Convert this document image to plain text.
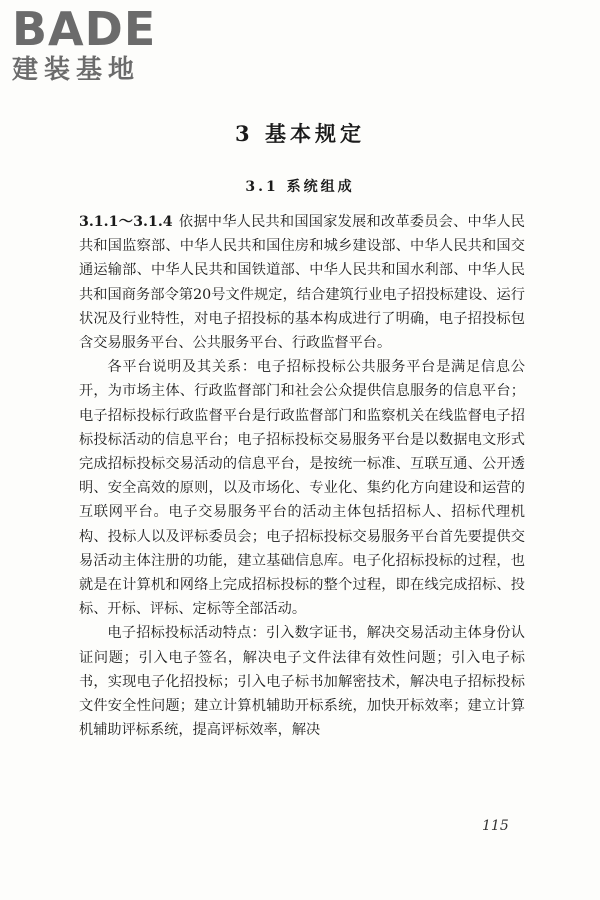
BADE
建装基地
3 基本规定
3.1 系统组成

3.1.1～3.1.4 依据中华人民共和国国家发展和改革委员会、中华人民共和国监察部、中华人民共和国住房和城乡建设部、中华人民共和国交通运输部、中华人民共和国铁道部、中华人民共和国水利部、中华人民共和国商务部令第20号文件规定，结合建筑行业电子招投标建设、运行状况及行业特性，对电子招投标的基本构成进行了明确，电子招投标包含交易服务平台、公共服务平台、行政监督平台。

各平台说明及其关系：电子招标投标公共服务平台是满足信息公开，为市场主体、行政监督部门和社会公众提供信息服务的信息平台；电子招标投标行政监督平台是行政监督部门和监察机关在线监督电子招标投标活动的信息平台；电子招标投标交易服务平台是以数据电文形式完成招标投标交易活动的信息平台，是按统一标准、互联互通、公开透明、安全高效的原则，以及市场化、专业化、集约化方向建设和运营的互联网平台。电子交易服务平台的活动主体包括招标人、招标代理机构、投标人以及评标委员会；电子招标投标交易服务平台首先要提供交易活动主体注册的功能，建立基础信息库。电子化招标投标的过程，也就是在计算机和网络上完成招标投标的整个过程，即在线完成招标、投标、开标、评标、定标等全部活动。

电子招标投标活动特点：引入数字证书，解决交易活动主体身份认证问题；引入电子签名，解决电子文件法律有效性问题；引入电子标书，实现电子化招投标；引入电子标书加解密技术，解决电子招标投标文件安全性问题；建立计算机辅助开标系统，加快开标效率；建立计算机辅助评标系统，提高评标效率，解决

115
